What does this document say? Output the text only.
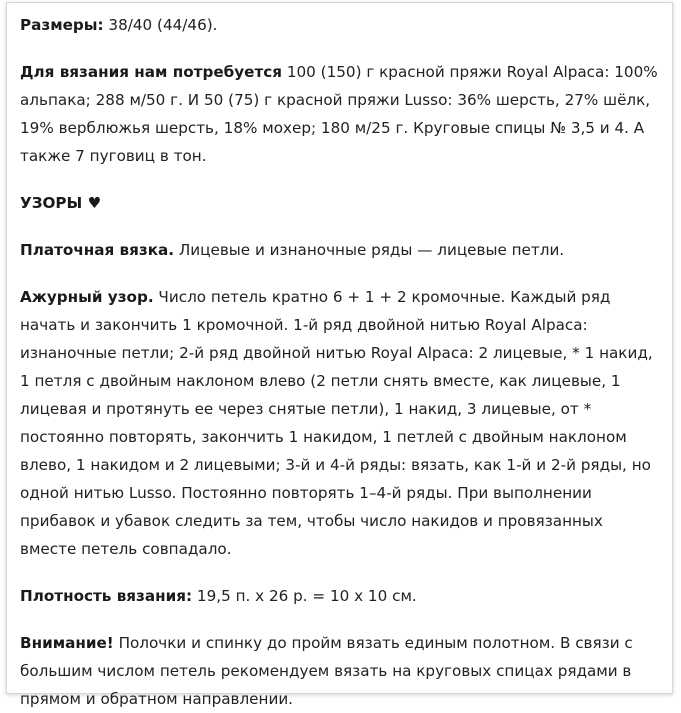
Размеры: 38/40 (44/46).

Для вязания нам потребуется 100 (150) г красной пряжи Royal Alpaca: 100% альпака; 288 м/50 г. И 50 (75) г красной пряжи Lusso: 36% шерсть, 27% шёлк, 19% верблюжья шерсть, 18% мохер; 180 м/25 г. Круговые спицы № 3,5 и 4. А также 7 пуговиц в тон.

УЗОРЫ ♥

Платочная вязка. Лицевые и изнаночные ряды — лицевые петли.

Ажурный узор. Число петель кратно 6 + 1 + 2 кромочные. Каждый ряд начать и закончить 1 кромочной. 1-й ряд двойной нитью Royal Alpaca: изнаночные петли; 2-й ряд двойной нитью Royal Alpaca: 2 лицевые, * 1 накид, 1 петля с двойным наклоном влево (2 петли снять вместе, как лицевые, 1 лицевая и протянуть ее через снятые петли), 1 накид, 3 лицевые, от * постоянно повторять, закончить 1 накидом, 1 петлей с двойным наклоном влево, 1 накидом и 2 лицевыми; 3-й и 4-й ряды: вязать, как 1-й и 2-й ряды, но одной нитью Lusso. Постоянно повторять 1–4-й ряды. При выполнении прибавок и убавок следить за тем, чтобы число накидов и провязанных вместе петель совпадало.

Плотность вязания: 19,5 п. х 26 р. = 10 х 10 см.

Внимание! Полочки и спинку до пройм вязать единым полотном. В связи с большим числом петель рекомендуем вязать на круговых спицах рядами в прямом и обратном направлении.
